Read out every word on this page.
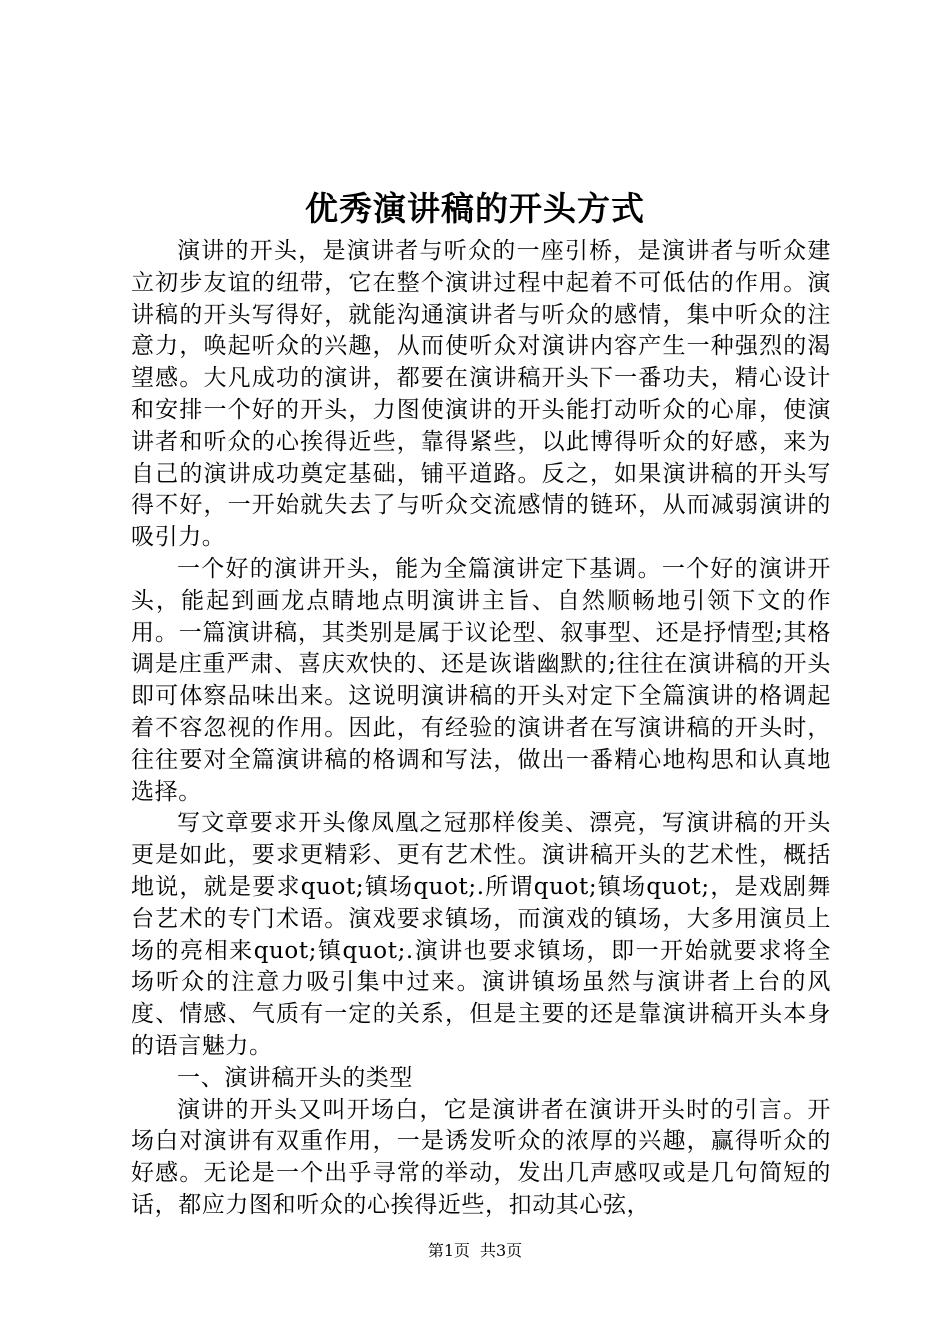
优秀演讲稿的开头方式

演讲的开头，是演讲者与听众的一座引桥，是演讲者与听众建立初步友谊的纽带，它在整个演讲过程中起着不可低估的作用。演讲稿的开头写得好，就能沟通演讲者与听众的感情，集中听众的注意力，唤起听众的兴趣，从而使听众对演讲内容产生一种强烈的渴望感。大凡成功的演讲，都要在演讲稿开头下一番功夫，精心设计和安排一个好的开头，力图使演讲的开头能打动听众的心扉，使演讲者和听众的心挨得近些，靠得紧些，以此博得听众的好感，来为自己的演讲成功奠定基础，铺平道路。反之，如果演讲稿的开头写得不好，一开始就失去了与听众交流感情的链环，从而减弱演讲的吸引力。

一个好的演讲开头，能为全篇演讲定下基调。一个好的演讲开头，能起到画龙点睛地点明演讲主旨、自然顺畅地引领下文的作用。一篇演讲稿，其类别是属于议论型、叙事型、还是抒情型;其格调是庄重严肃、喜庆欢快的、还是诙谐幽默的;往往在演讲稿的开头即可体察品味出来。这说明演讲稿的开头对定下全篇演讲的格调起着不容忽视的作用。因此，有经验的演讲者在写演讲稿的开头时，往往要对全篇演讲稿的格调和写法，做出一番精心地构思和认真地选择。

写文章要求开头像凤凰之冠那样俊美、漂亮，写演讲稿的开头更是如此，要求更精彩、更有艺术性。演讲稿开头的艺术性，概括地说，就是要求quot;镇场quot;.所谓quot;镇场quot;，是戏剧舞台艺术的专门术语。演戏要求镇场，而演戏的镇场，大多用演员上场的亮相来quot;镇quot;.演讲也要求镇场，即一开始就要求将全场听众的注意力吸引集中过来。演讲镇场虽然与演讲者上台的风度、情感、气质有一定的关系，但是主要的还是靠演讲稿开头本身的语言魅力。

一、演讲稿开头的类型

演讲的开头又叫开场白，它是演讲者在演讲开头时的引言。开场白对演讲有双重作用，一是诱发听众的浓厚的兴趣，赢得听众的好感。无论是一个出乎寻常的举动，发出几声感叹或是几句简短的话，都应力图和听众的心挨得近些，扣动其心弦，

第1页 共3页
